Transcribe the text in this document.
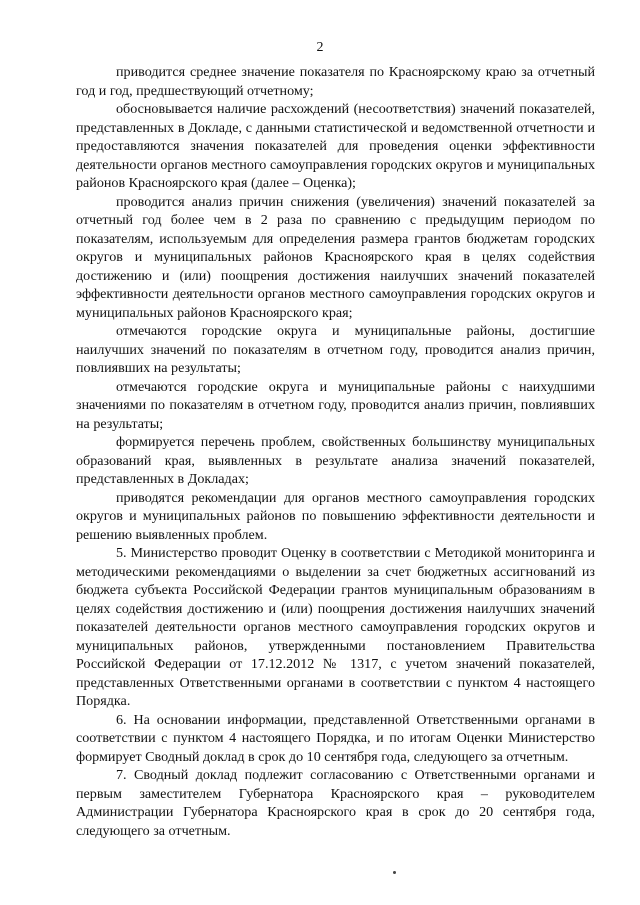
2

приводится среднее значение показателя по Красноярскому краю за отчетный год и год, предшествующий отчетному;

обосновывается наличие расхождений (несоответствия) значений показателей, представленных в Докладе, с данными статистической и ведомственной отчетности и предоставляются значения показателей для проведения оценки эффективности деятельности органов местного самоуправления городских округов и муниципальных районов Красноярского края (далее – Оценка);

проводится анализ причин снижения (увеличения) значений показателей за отчетный год более чем в 2 раза по сравнению с предыдущим периодом по показателям, используемым для определения размера грантов бюджетам городских округов и муниципальных районов Красноярского края в целях содействия достижению и (или) поощрения достижения наилучших значений показателей эффективности деятельности органов местного самоуправления городских округов и муниципальных районов Красноярского края;

отмечаются городские округа и муниципальные районы, достигшие наилучших значений по показателям в отчетном году, проводится анализ причин, повлиявших на результаты;

отмечаются городские округа и муниципальные районы с наихудшими значениями по показателям в отчетном году, проводится анализ причин, повлиявших на результаты;

формируется перечень проблем, свойственных большинству муниципальных образований края, выявленных в результате анализа значений показателей, представленных в Докладах;

приводятся рекомендации для органов местного самоуправления городских округов и муниципальных районов по повышению эффективности деятельности и решению выявленных проблем.

5. Министерство проводит Оценку в соответствии с Методикой мониторинга и методическими рекомендациями о выделении за счет бюджетных ассигнований из бюджета субъекта Российской Федерации грантов муниципальным образованиям в целях содействия достижению и (или) поощрения достижения наилучших значений показателей деятельности органов местного самоуправления городских округов и муниципальных районов, утвержденными постановлением Правительства Российской Федерации от 17.12.2012 № 1317, с учетом значений показателей, представленных Ответственными органами в соответствии с пунктом 4 настоящего Порядка.

6. На основании информации, представленной Ответственными органами в соответствии с пунктом 4 настоящего Порядка, и по итогам Оценки Министерство формирует Сводный доклад в срок до 10 сентября года, следующего за отчетным.

7. Сводный доклад подлежит согласованию с Ответственными органами и первым заместителем Губернатора Красноярского края – руководителем Администрации Губернатора Красноярского края в срок до 20 сентября года, следующего за отчетным.
